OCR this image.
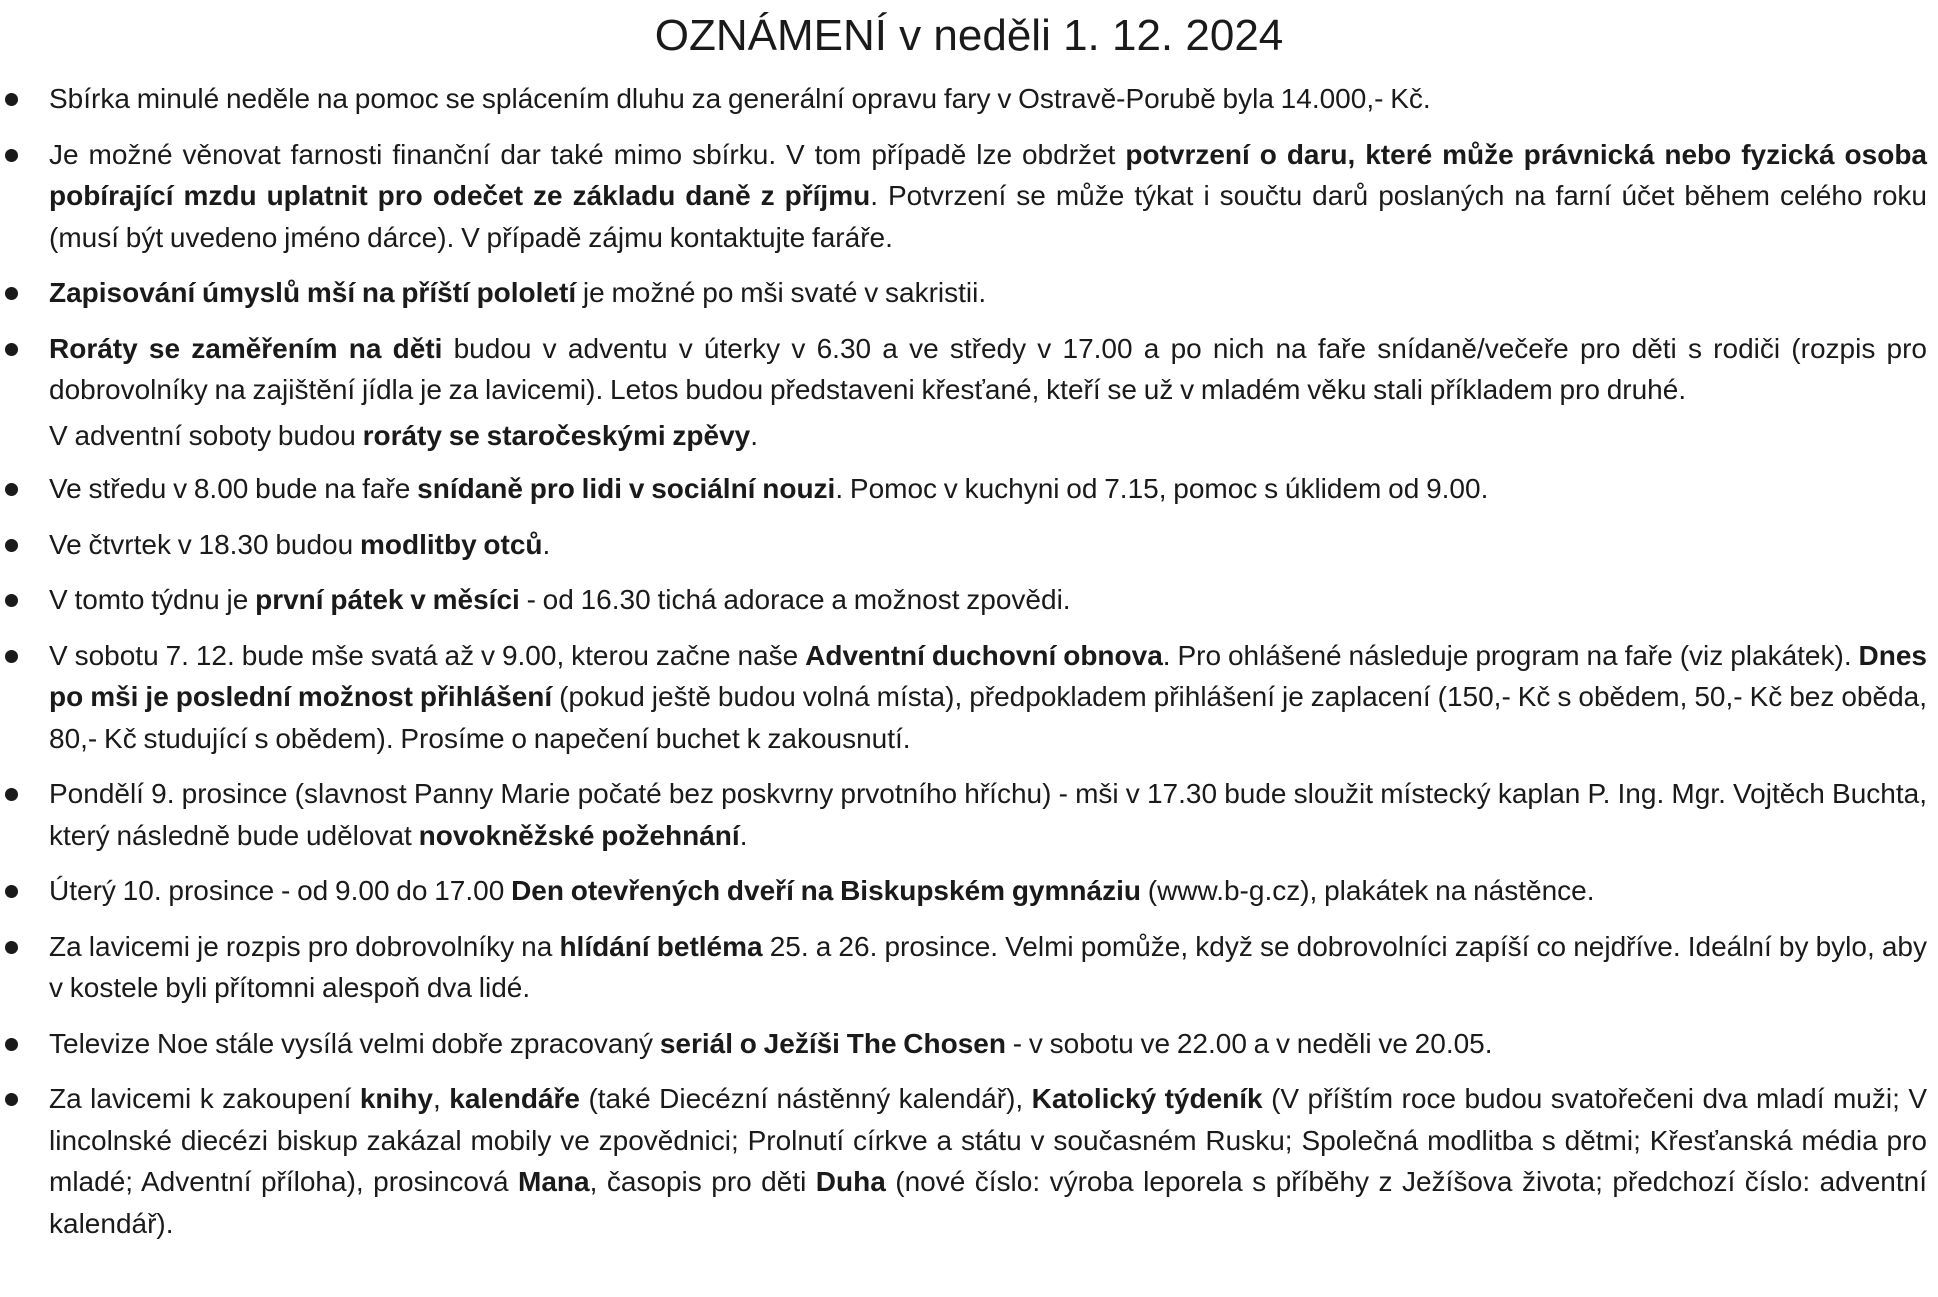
OZNÁMENÍ v neděli 1. 12. 2024
Sbírka minulé neděle na pomoc se splácením dluhu za generální opravu fary v Ostravě-Porubě byla 14.000,- Kč.
Je možné věnovat farnosti finanční dar také mimo sbírku. V tom případě lze obdržet potvrzení o daru, které může právnická nebo fyzická osoba pobírající mzdu uplatnit pro odečet ze základu daně z příjmu. Potvrzení se může týkat i součtu darů poslaných na farní účet během celého roku (musí být uvedeno jméno dárce). V případě zájmu kontaktujte faráře.
Zapisování úmyslů mší na příští pololetí je možné po mši svaté v sakristii.
Roráty se zaměřením na děti budou v adventu v úterky v 6.30 a ve středy v 17.00 a po nich na faře snídaně/večeře pro děti s rodiči (rozpis pro dobrovolníky na zajištění jídla je za lavicemi). Letos budou představeni křesťané, kteří se už v mladém věku stali příkladem pro druhé.
V adventní soboty budou roráty se staročeskými zpěvy.
Ve středu v 8.00 bude na faře snídaně pro lidi v sociální nouzi. Pomoc v kuchyni od 7.15, pomoc s úklidem od 9.00.
Ve čtvrtek v 18.30 budou modlitby otců.
V tomto týdnu je první pátek v měsíci - od 16.30 tichá adorace a možnost zpovědi.
V sobotu 7. 12. bude mše svatá až v 9.00, kterou začne naše Adventní duchovní obnova. Pro ohlášené následuje program na faře (viz plakátek). Dnes po mši je poslední možnost přihlášení (pokud ještě budou volná místa), předpokladem přihlášení je zaplacení (150,- Kč s obědem, 50,- Kč bez oběda, 80,- Kč studující s obědem). Prosíme o napečení buchet k zakousnutí.
Pondělí 9. prosince (slavnost Panny Marie počaté bez poskvrny prvotního hříchu) - mši v 17.30 bude sloužit místecký kaplan P. Ing. Mgr. Vojtěch Buchta, který následně bude udělovat novokněžské požehnání.
Úterý 10. prosince - od 9.00 do 17.00 Den otevřených dveří na Biskupském gymnáziu (www.b-g.cz), plakátek na nástěnce.
Za lavicemi je rozpis pro dobrovolníky na hlídání betléma 25. a 26. prosince. Velmi pomůže, když se dobrovolníci zapíší co nejdříve. Ideální by bylo, aby v kostele byli přítomni alespoň dva lidé.
Televize Noe stále vysílá velmi dobře zpracovaný seriál o Ježíši The Chosen - v sobotu ve 22.00 a v neděli ve 20.05.
Za lavicemi k zakoupení knihy, kalendáře (také Diecézní nástěnný kalendář), Katolický týdeník (V příštím roce budou svatořečeni dva mladí muži; V lincolnské diecézi biskup zakázal mobily ve zpovědnici; Prolnutí církve a státu v současném Rusku; Společná modlitba s dětmi; Křesťanská média pro mladé; Adventní příloha), prosincová Mana, časopis pro děti Duha (nové číslo: výroba leporela s příběhy z Ježíšova života; předchozí číslo: adventní kalendář).
